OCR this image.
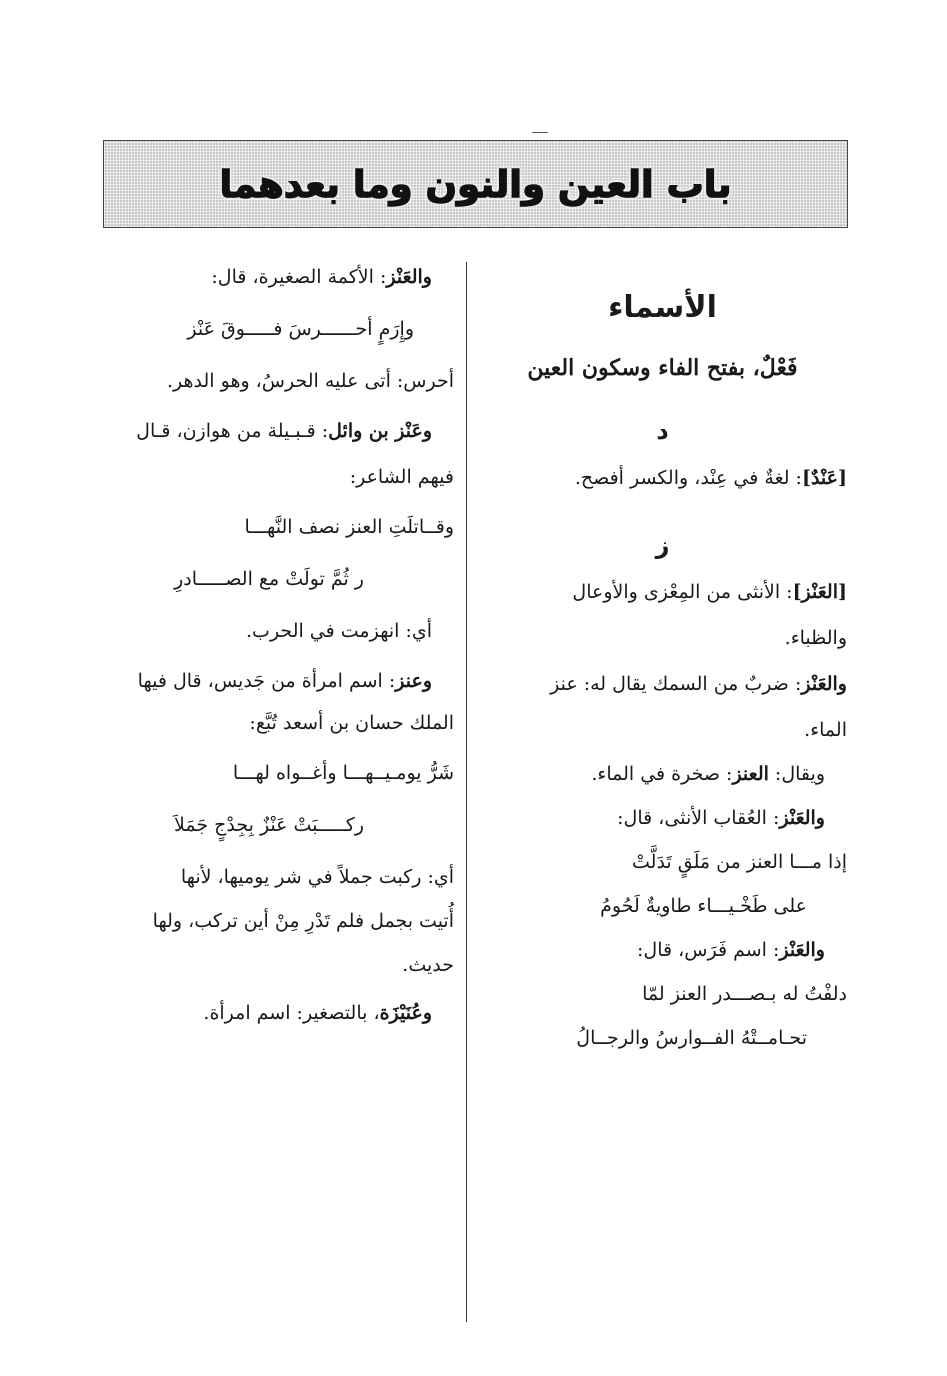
باب العين والنون وما بعدهما

الأسماء

فَعْلٌ، بفتح الفاء وسكون العين

د

[عَنْدٌ]: لغةٌ في عِنْد، والكسر أفصح.

ز

[العَنْز]: الأنثى من المِعْزى والأوعال

والظباء.

والعَنْز: ضربٌ من السمك يقال له: عنز

الماء.

ويقال: العنز: صخرة في الماء.

والعَنْز: العُقاب الأنثى، قال:

إذا مـــا العنز من مَلَقٍ تَدَلَّتْ

على طَخْـيـــاء طاويةٌ لَحُومُ

والعَنْز: اسم فَرَس، قال:

دلفْتُ له بـصـــدر العنز لمّا

تحـامــتْهُ الفــوارسُ والرجــالُ

والعَنْز: الأكمة الصغيرة، قال:

وإِرَمٍ أحــــــرسَ فـــــوقَ عَنْز

أحرس: أتى عليه الحرسُ، وهو الدهر.

وعَنْز بن وائل: قـبـيلة من هوازن، قـال

فيهم الشاعر:

وقــاتلَتِ العنز نصف النَّهـــا

ر ثُمَّ تولَتْ مع الصـــــادرِ

أي: انهزمت في الحرب.

وعنز: اسم امرأة من جَديس، قال فيها

الملك حسان بن أسعد تُبَّع:

شَرُّ يومـيــهـــا وأغــواه لهـــا

ركـــــبَتْ عَنْزٌ بِجِدْجٍ جَمَلاَ

أي: ركبت جملاً في شر يوميها، لأنها

أُتيت بجمل فلم تَدْرِ مِنْ أين تركب، ولها

حديث.

وعُنَيْزَة، بالتصغير: اسم امرأة.
